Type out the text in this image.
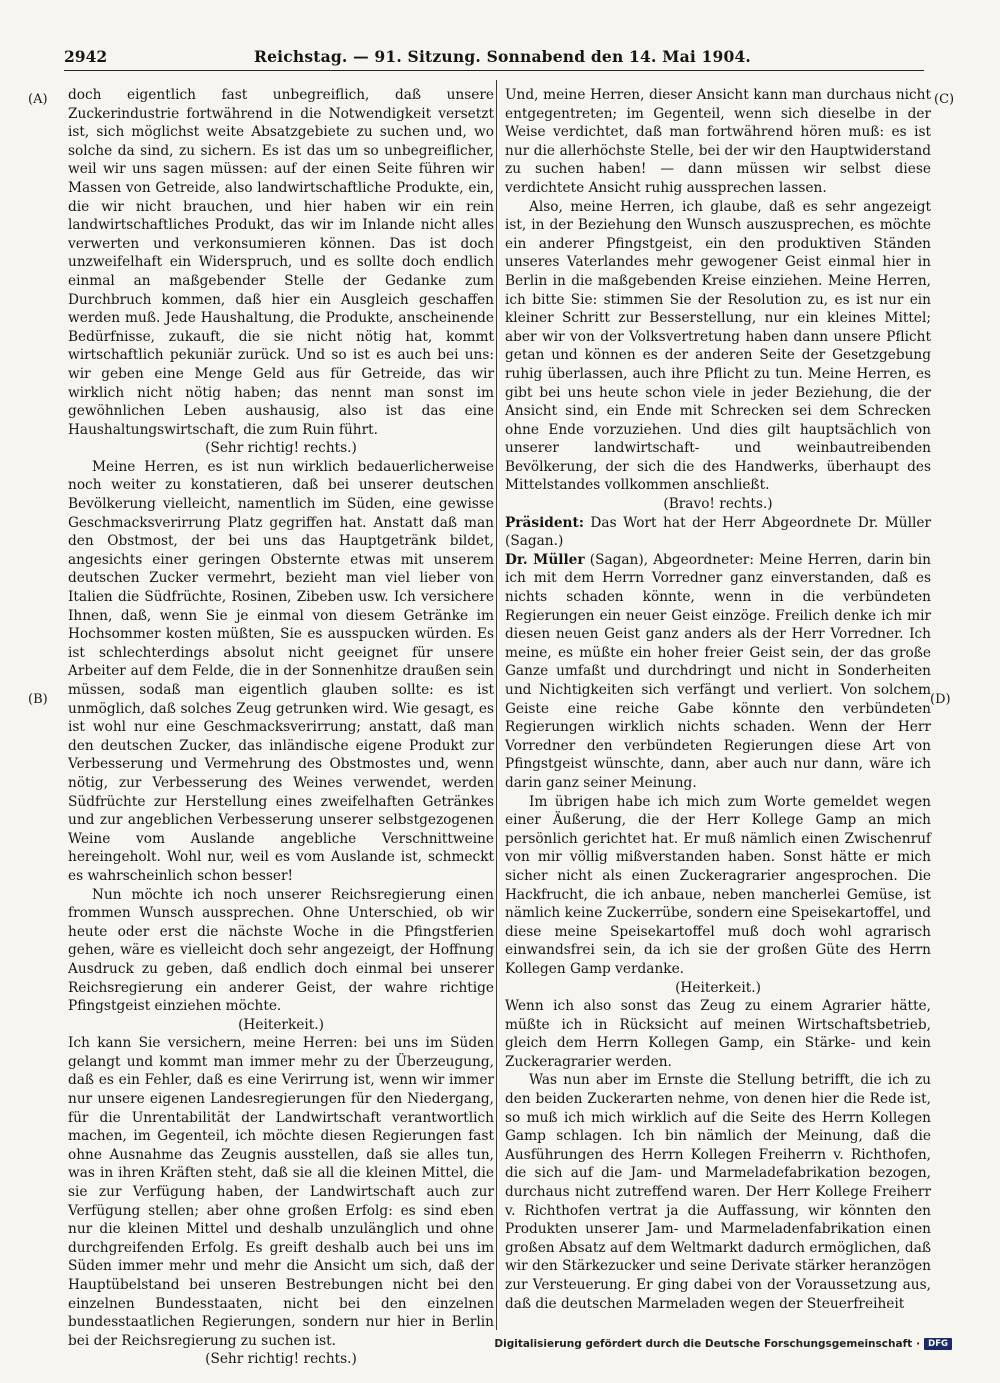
2942	Reichstag. — 91. Sitzung. Sonnabend den 14. Mai 1904.
(A)
(B)
(C)
(D)

doch eigentlich fast unbegreiflich, daß unsere Zuckerindustrie fortwährend in die Notwendigkeit versetzt ist, sich möglichst weite Absatzgebiete zu suchen und, wo solche da sind, zu sichern. Es ist das um so unbegreiflicher, weil wir uns sagen müssen: auf der einen Seite führen wir Massen von Getreide, also landwirtschaftliche Produkte, ein, die wir nicht brauchen, und hier haben wir ein rein landwirtschaftliches Produkt, das wir im Inlande nicht alles verwerten und verkonsumieren können. Das ist doch unzweifelhaft ein Widerspruch, und es sollte doch endlich einmal an maßgebender Stelle der Gedanke zum Durchbruch kommen, daß hier ein Ausgleich geschaffen werden muß. Jede Haushaltung, die Produkte, anscheinende Bedürfnisse, zukauft, die sie nicht nötig hat, kommt wirtschaftlich pekuniär zurück. Und so ist es auch bei uns: wir geben eine Menge Geld aus für Getreide, das wir wirklich nicht nötig haben; das nennt man sonst im gewöhnlichen Leben aushausig, also ist das eine Haushaltungswirtschaft, die zum Ruin führt.

(Sehr richtig! rechts.)

Meine Herren, es ist nun wirklich bedauerlicherweise noch weiter zu konstatieren, daß bei unserer deutschen Bevölkerung vielleicht, namentlich im Süden, eine gewisse Geschmacksverirrung Platz gegriffen hat. Anstatt daß man den Obstmost, der bei uns das Hauptgetränk bildet, angesichts einer geringen Obsternte etwas mit unserem deutschen Zucker vermehrt, bezieht man viel lieber von Italien die Südfrüchte, Rosinen, Zibeben usw. Ich versichere Ihnen, daß, wenn Sie je einmal von diesem Getränke im Hochsommer kosten müßten, Sie es ausspucken würden. Es ist schlechterdings absolut nicht geeignet für unsere Arbeiter auf dem Felde, die in der Sonnenhitze draußen sein müssen, sodaß man eigentlich glauben sollte: es ist unmöglich, daß solches Zeug getrunken wird. Wie gesagt, es ist wohl nur eine Geschmacksverirrung; anstatt, daß man den deutschen Zucker, das inländische eigene Produkt zur Verbesserung und Vermehrung des Obstmostes und, wenn nötig, zur Verbesserung des Weines verwendet, werden Südfrüchte zur Herstellung eines zweifelhaften Getränkes und zur angeblichen Verbesserung unserer selbstgezogenen Weine vom Auslande angebliche Verschnittweine hereingeholt. Wohl nur, weil es vom Auslande ist, schmeckt es wahrscheinlich schon besser!

Nun möchte ich noch unserer Reichsregierung einen frommen Wunsch aussprechen. Ohne Unterschied, ob wir heute oder erst die nächste Woche in die Pfingstferien gehen, wäre es vielleicht doch sehr angezeigt, der Hoffnung Ausdruck zu geben, daß endlich doch einmal bei unserer Reichsregierung ein anderer Geist, der wahre richtige Pfingstgeist einziehen möchte.

(Heiterkeit.)

Ich kann Sie versichern, meine Herren: bei uns im Süden gelangt und kommt man immer mehr zu der Überzeugung, daß es ein Fehler, daß es eine Verirrung ist, wenn wir immer nur unsere eigenen Landesregierungen für den Niedergang, für die Unrentabilität der Landwirtschaft verantwortlich machen, im Gegenteil, ich möchte diesen Regierungen fast ohne Ausnahme das Zeugnis ausstellen, daß sie alles tun, was in ihren Kräften steht, daß sie all die kleinen Mittel, die sie zur Verfügung haben, der Landwirtschaft auch zur Verfügung stellen; aber ohne großen Erfolg: es sind eben nur die kleinen Mittel und deshalb unzulänglich und ohne durchgreifenden Erfolg. Es greift deshalb auch bei uns im Süden immer mehr und mehr die Ansicht um sich, daß der Hauptübelstand bei unseren Bestrebungen nicht bei den einzelnen Bundesstaaten, nicht bei den einzelnen bundesstaatlichen Regierungen, sondern nur hier in Berlin bei der Reichsregierung zu suchen ist.

(Sehr richtig! rechts.)

Und, meine Herren, dieser Ansicht kann man durchaus nicht entgegentreten; im Gegenteil, wenn sich dieselbe in der Weise verdichtet, daß man fortwährend hören muß: es ist nur die allerhöchste Stelle, bei der wir den Hauptwiderstand zu suchen haben! — dann müssen wir selbst diese verdichtete Ansicht ruhig aussprechen lassen.

Also, meine Herren, ich glaube, daß es sehr angezeigt ist, in der Beziehung den Wunsch auszusprechen, es möchte ein anderer Pfingstgeist, ein den produktiven Ständen unseres Vaterlandes mehr gewogener Geist einmal hier in Berlin in die maßgebenden Kreise einziehen. Meine Herren, ich bitte Sie: stimmen Sie der Resolution zu, es ist nur ein kleiner Schritt zur Besserstellung, nur ein kleines Mittel; aber wir von der Volksvertretung haben dann unsere Pflicht getan und können es der anderen Seite der Gesetzgebung ruhig überlassen, auch ihre Pflicht zu tun. Meine Herren, es gibt bei uns heute schon viele in jeder Beziehung, die der Ansicht sind, ein Ende mit Schrecken sei dem Schrecken ohne Ende vorzuziehen. Und dies gilt hauptsächlich von unserer landwirtschaft- und weinbautreibenden Bevölkerung, der sich die des Handwerks, überhaupt des Mittelstandes vollkommen anschließt.

(Bravo! rechts.)

Präsident: Das Wort hat der Herr Abgeordnete Dr. Müller (Sagan.)

Dr. Müller (Sagan), Abgeordneter: Meine Herren, darin bin ich mit dem Herrn Vorredner ganz einverstanden, daß es nichts schaden könnte, wenn in die verbündeten Regierungen ein neuer Geist einzöge. Freilich denke ich mir diesen neuen Geist ganz anders als der Herr Vorredner. Ich meine, es müßte ein hoher freier Geist sein, der das große Ganze umfaßt und durchdringt und nicht in Sonderheiten und Nichtigkeiten sich verfängt und verliert. Von solchem Geiste eine reiche Gabe könnte den verbündeten Regierungen wirklich nichts schaden. Wenn der Herr Vorredner den verbündeten Regierungen diese Art von Pfingstgeist wünschte, dann, aber auch nur dann, wäre ich darin ganz seiner Meinung.

Im übrigen habe ich mich zum Worte gemeldet wegen einer Äußerung, die der Herr Kollege Gamp an mich persönlich gerichtet hat. Er muß nämlich einen Zwischenruf von mir völlig mißverstanden haben. Sonst hätte er mich sicher nicht als einen Zuckeragrarier angesprochen. Die Hackfrucht, die ich anbaue, neben mancherlei Gemüse, ist nämlich keine Zuckerrübe, sondern eine Speisekartoffel, und diese meine Speisekartoffel muß doch wohl agrarisch einwandsfrei sein, da ich sie der großen Güte des Herrn Kollegen Gamp verdanke.

(Heiterkeit.)

Wenn ich also sonst das Zeug zu einem Agrarier hätte, müßte ich in Rücksicht auf meinen Wirtschaftsbetrieb, gleich dem Herrn Kollegen Gamp, ein Stärke- und kein Zuckeragrarier werden.

Was nun aber im Ernste die Stellung betrifft, die ich zu den beiden Zuckerarten nehme, von denen hier die Rede ist, so muß ich mich wirklich auf die Seite des Herrn Kollegen Gamp schlagen. Ich bin nämlich der Meinung, daß die Ausführungen des Herrn Kollegen Freiherrn v. Richthofen, die sich auf die Jam- und Marmeladefabrikation bezogen, durchaus nicht zutreffend waren. Der Herr Kollege Freiherr v. Richthofen vertrat ja die Auffassung, wir könnten den Produkten unserer Jam- und Marmeladenfabrikation einen großen Absatz auf dem Weltmarkt dadurch ermöglichen, daß wir den Stärkezucker und seine Derivate stärker heranzögen zur Versteuerung. Er ging dabei von der Voraussetzung aus, daß die deutschen Marmeladen wegen der Steuerfreiheit

Digitalisierung gefördert durch die Deutsche Forschungsgemeinschaft · DFG
